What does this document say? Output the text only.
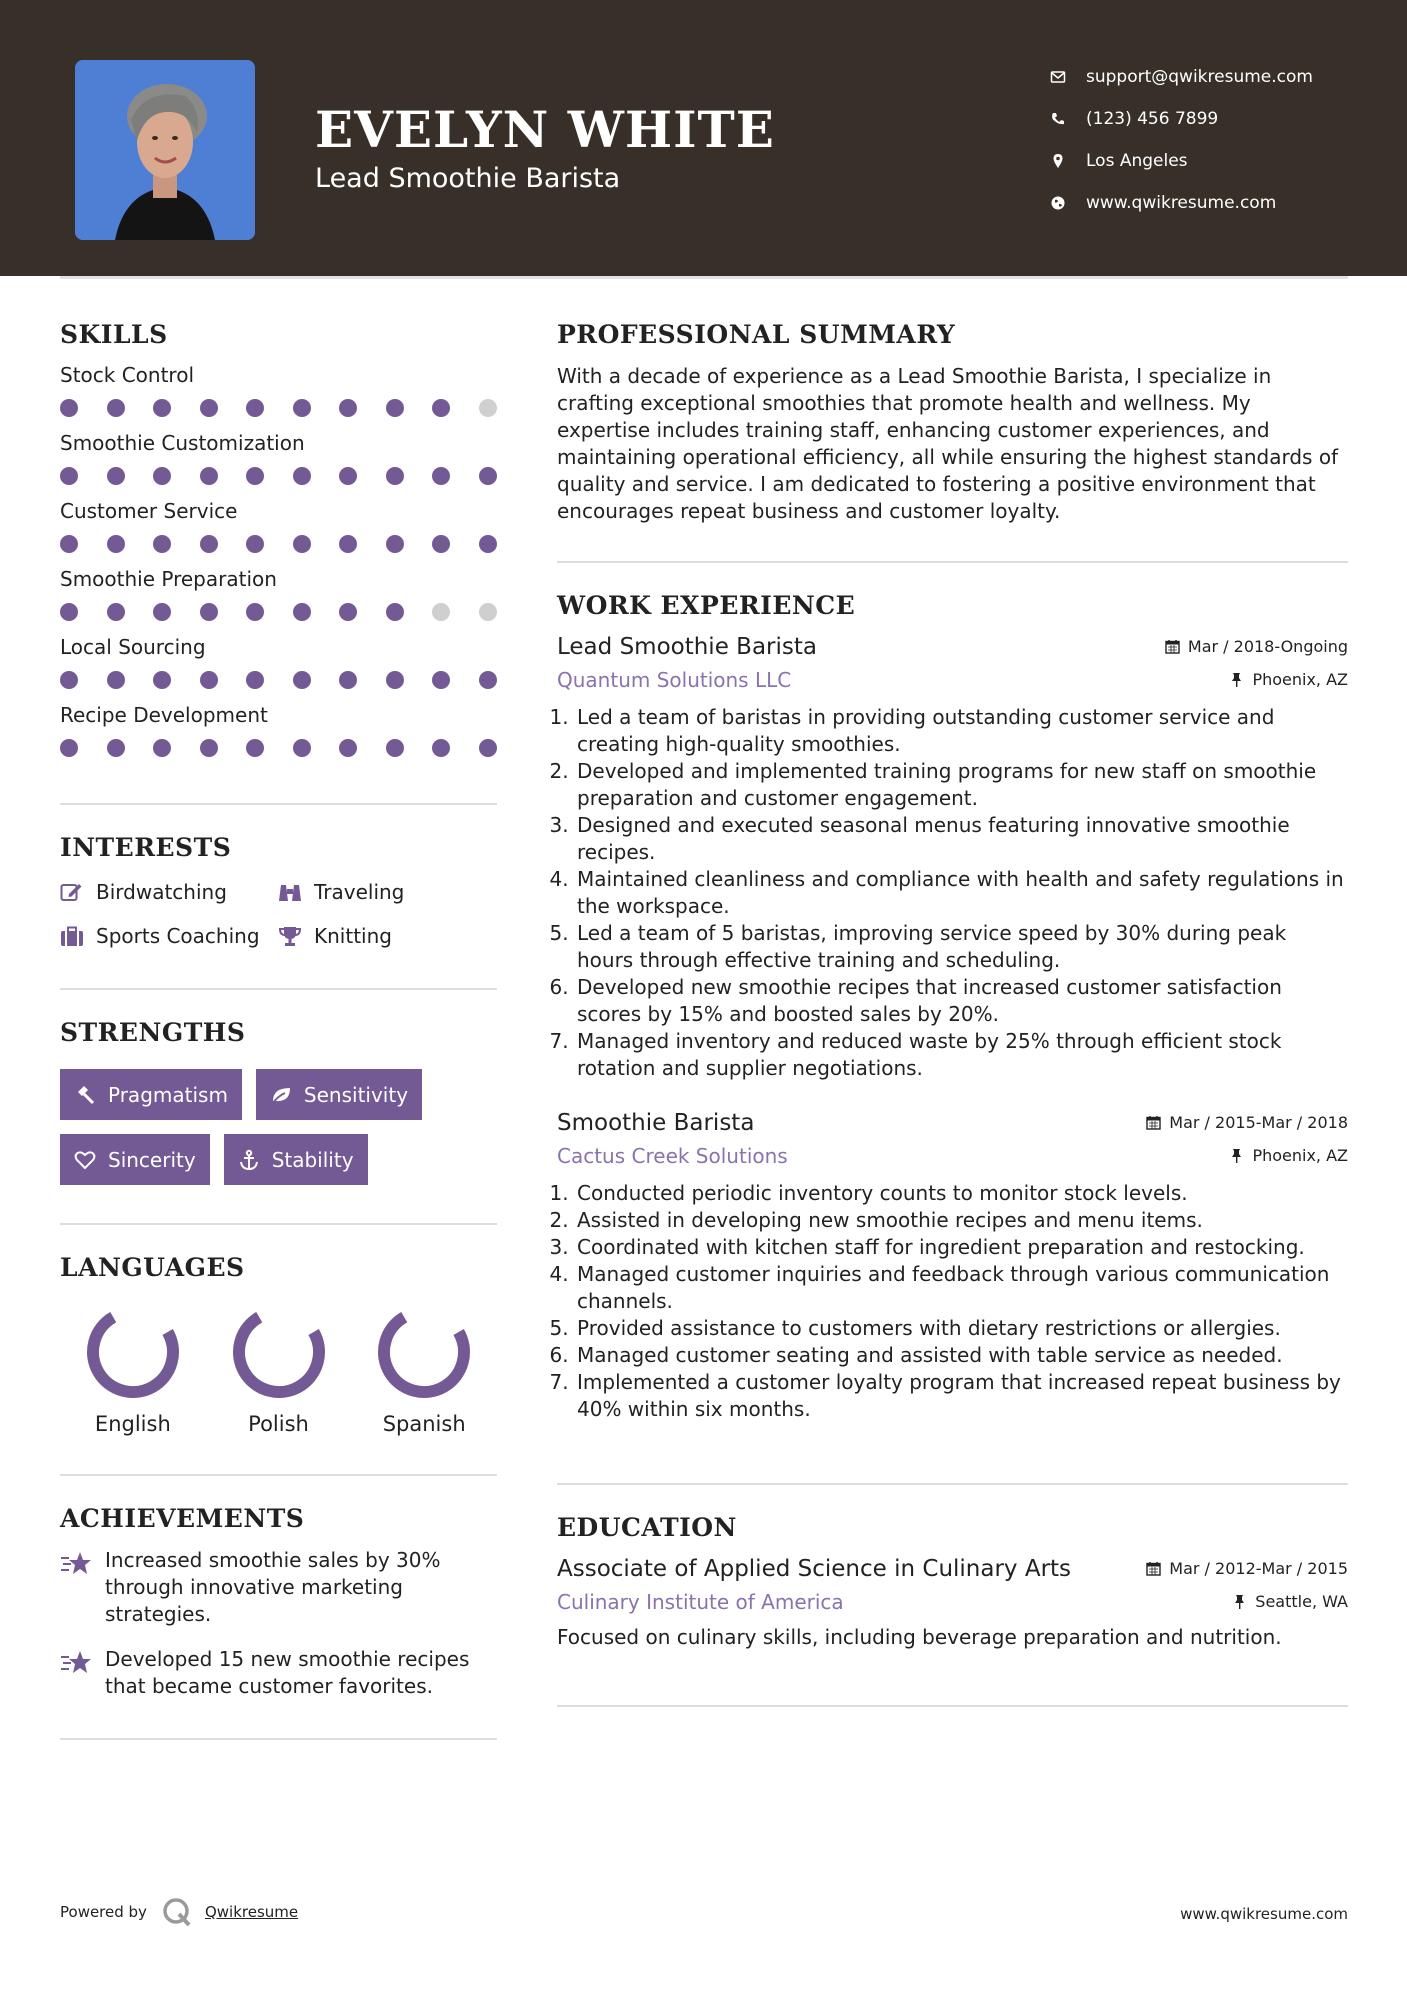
EVELYN WHITE
Lead Smoothie Barista
support@qwikresume.com
(123) 456 7899
Los Angeles
www.qwikresume.com
SKILLS
Stock Control
Smoothie Customization
Customer Service
Smoothie Preparation
Local Sourcing
Recipe Development
INTERESTS
Birdwatching	Traveling
Sports Coaching	Knitting
STRENGTHS
Pragmatism	Sensitivity
Sincerity	Stability
LANGUAGES
English	Polish	Spanish
ACHIEVEMENTS
Increased smoothie sales by 30% through innovative marketing strategies.
Developed 15 new smoothie recipes that became customer favorites.
PROFESSIONAL SUMMARY
With a decade of experience as a Lead Smoothie Barista, I specialize in crafting exceptional smoothies that promote health and wellness. My expertise includes training staff, enhancing customer experiences, and maintaining operational efficiency, all while ensuring the highest standards of quality and service. I am dedicated to fostering a positive environment that encourages repeat business and customer loyalty.
WORK EXPERIENCE
Lead Smoothie Barista	Mar / 2018-Ongoing
Quantum Solutions LLC	Phoenix, AZ
1. Led a team of baristas in providing outstanding customer service and creating high-quality smoothies.
2. Developed and implemented training programs for new staff on smoothie preparation and customer engagement.
3. Designed and executed seasonal menus featuring innovative smoothie recipes.
4. Maintained cleanliness and compliance with health and safety regulations in the workspace.
5. Led a team of 5 baristas, improving service speed by 30% during peak hours through effective training and scheduling.
6. Developed new smoothie recipes that increased customer satisfaction scores by 15% and boosted sales by 20%.
7. Managed inventory and reduced waste by 25% through efficient stock rotation and supplier negotiations.
Smoothie Barista	Mar / 2015-Mar / 2018
Cactus Creek Solutions	Phoenix, AZ
1. Conducted periodic inventory counts to monitor stock levels.
2. Assisted in developing new smoothie recipes and menu items.
3. Coordinated with kitchen staff for ingredient preparation and restocking.
4. Managed customer inquiries and feedback through various communication channels.
5. Provided assistance to customers with dietary restrictions or allergies.
6. Managed customer seating and assisted with table service as needed.
7. Implemented a customer loyalty program that increased repeat business by 40% within six months.
EDUCATION
Associate of Applied Science in Culinary Arts	Mar / 2012-Mar / 2015
Culinary Institute of America	Seattle, WA
Focused on culinary skills, including beverage preparation and nutrition.
Powered by	Qwikresume	www.qwikresume.com
